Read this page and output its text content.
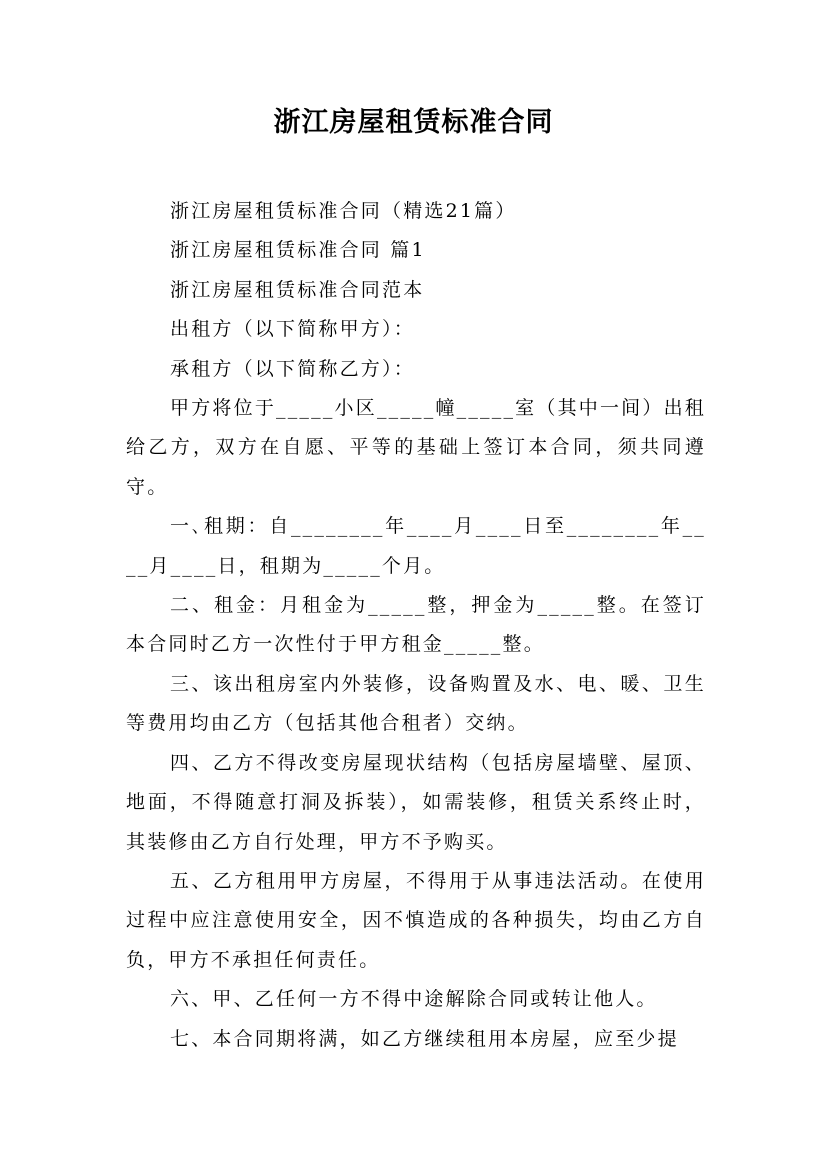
浙江房屋租赁标准合同

浙江房屋租赁标准合同（精选21篇）

浙江房屋租赁标准合同 篇1

浙江房屋租赁标准合同范本

出租方（以下简称甲方）：

承租方（以下简称乙方）：

甲方将位于_____小区_____幢_____室（其中一间）出租给乙方，双方在自愿、平等的基础上签订本合同，须共同遵守。

一､租期：自________年____月____日至________年____月____日，租期为_____个月。

二、租金：月租金为_____整，押金为_____整。在签订本合同时乙方一次性付于甲方租金_____整。

三、该出租房室内外装修，设备购置及水、电、暖、卫生等费用均由乙方（包括其他合租者）交纳。

四、乙方不得改变房屋现状结构（包括房屋墙壁、屋顶、地面，不得随意打洞及拆装），如需装修，租赁关系终止时，其装修由乙方自行处理，甲方不予购买。

五、乙方租用甲方房屋，不得用于从事违法活动。在使用过程中应注意使用安全，因不慎造成的各种损失，均由乙方自负，甲方不承担任何责任。

六、甲、乙任何一方不得中途解除合同或转让他人。

七、本合同期将满，如乙方继续租用本房屋，应至少提
